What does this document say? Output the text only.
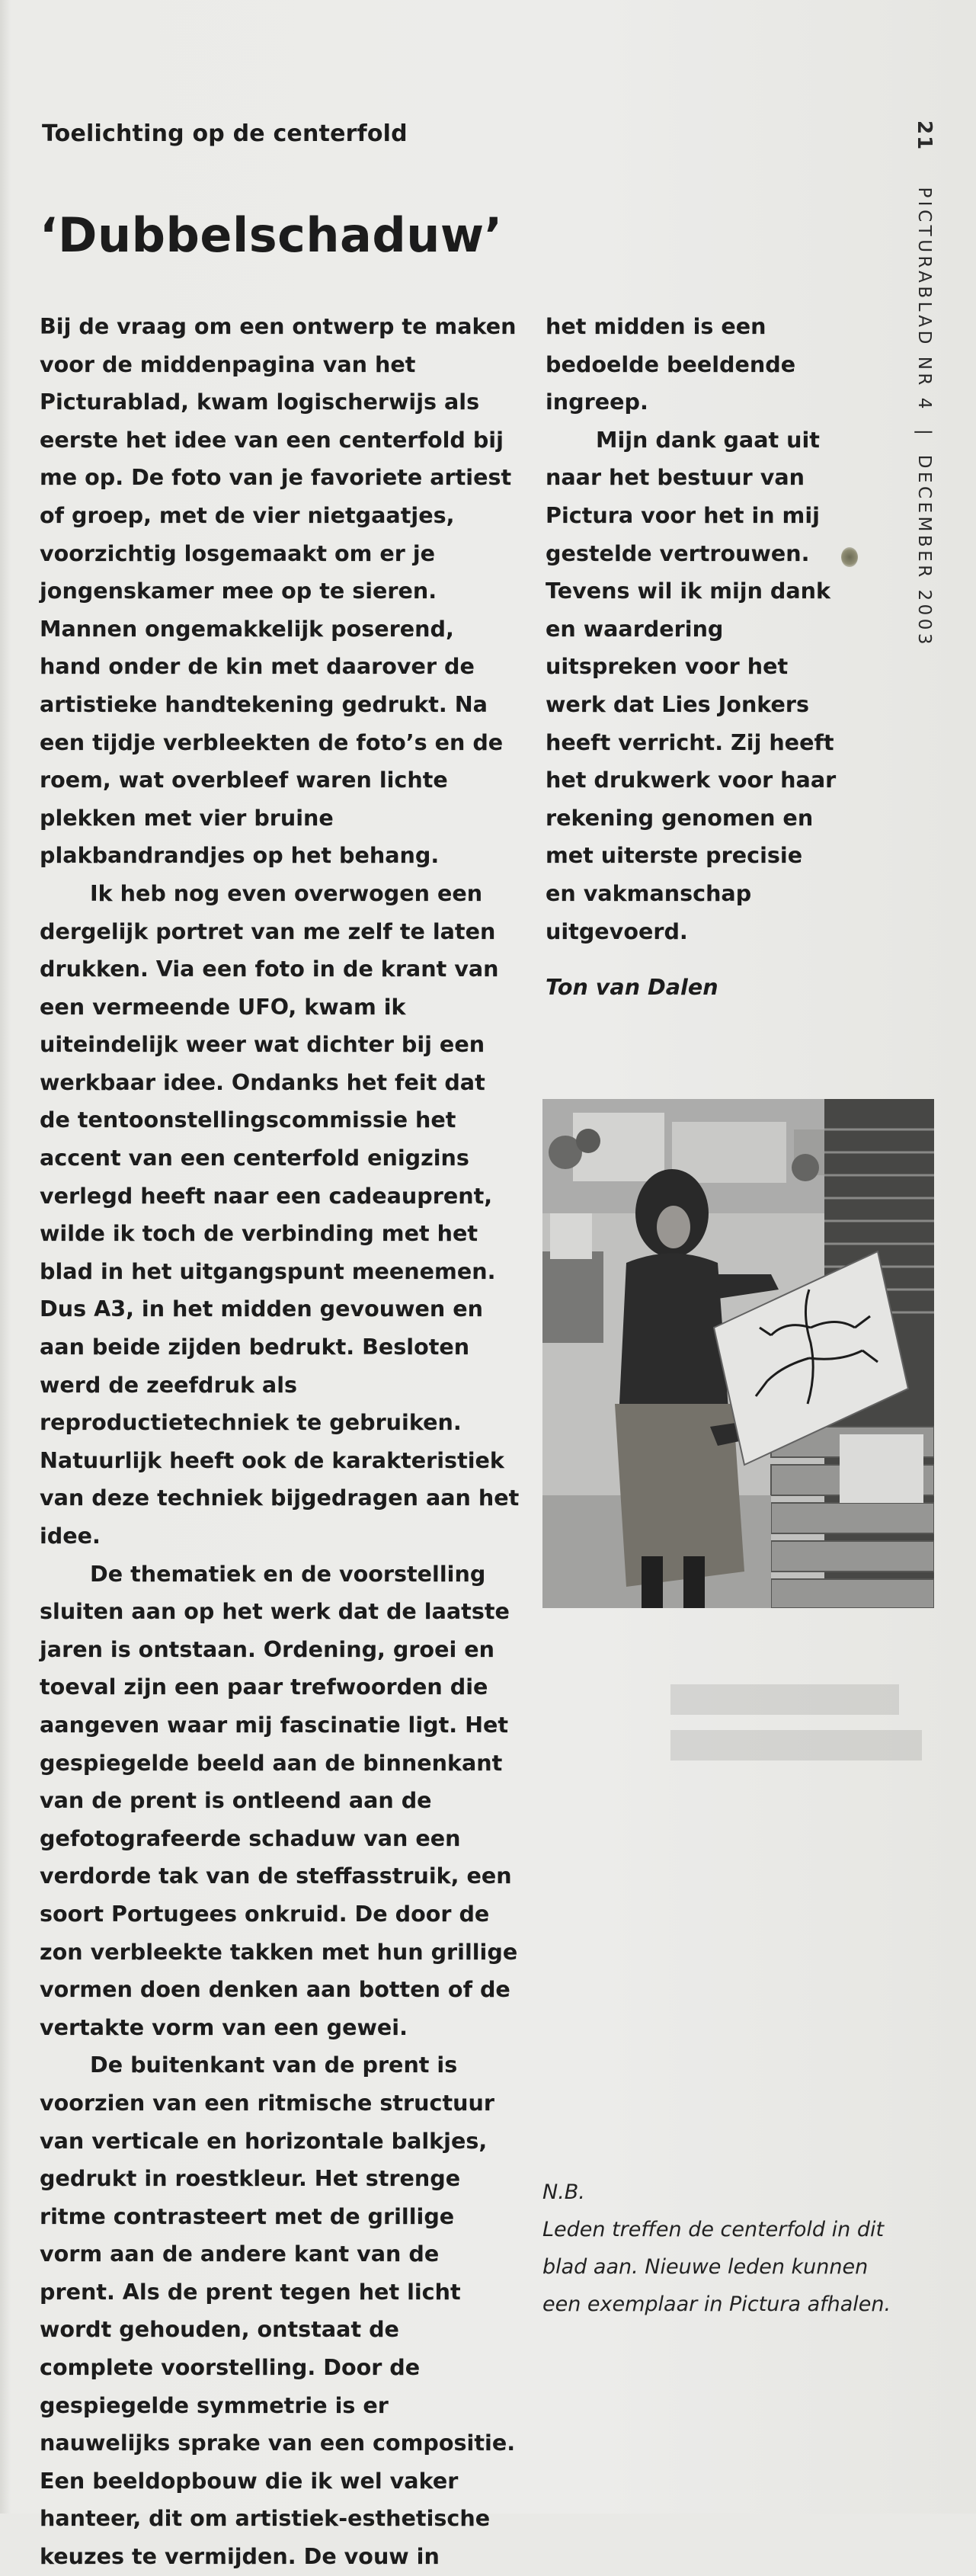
Toelichting op de centerfold
‘Dubbelschaduw’

Bij de vraag om een ontwerp te maken voor de middenpagina van het Picturablad, kwam logischerwijs als eerste het idee van een centerfold bij me op. De foto van je favoriete artiest of groep, met de vier nietgaatjes, voorzichtig losgemaakt om er je jongenskamer mee op te sieren. Mannen ongemakkelijk poserend, hand onder de kin met daarover de artistieke handtekening gedrukt. Na een tijdje verbleekten de foto’s en de roem, wat overbleef waren lichte plekken met vier bruine plakbandrandjes op het behang.

Ik heb nog even overwogen een dergelijk portret van me zelf te laten drukken. Via een foto in de krant van een vermeende UFO, kwam ik uiteindelijk weer wat dichter bij een werkbaar idee. Ondanks het feit dat de tentoonstellingscommissie het accent van een centerfold enigzins verlegd heeft naar een cadeauprent, wilde ik toch de verbinding met het blad in het uitgangspunt meenemen. Dus A3, in het midden gevouwen en aan beide zijden bedrukt. Besloten werd de zeefdruk als reproductietechniek te gebruiken. Natuurlijk heeft ook de karakteristiek van deze techniek bijgedragen aan het idee.

De thematiek en de voorstelling sluiten aan op het werk dat de laatste jaren is ontstaan. Ordening, groei en toeval zijn een paar trefwoorden die aangeven waar mij fascinatie ligt. Het gespiegelde beeld aan de binnenkant van de prent is ontleend aan de gefotografeerde schaduw van een verdorde tak van de steffasstruik, een soort Portugees onkruid. De door de zon verbleekte takken met hun grillige vormen doen denken aan botten of de vertakte vorm van een gewei.

De buitenkant van de prent is voorzien van een ritmische structuur van verticale en horizontale balkjes, gedrukt in roestkleur. Het strenge ritme contrasteert met de grillige vorm aan de andere kant van de prent. Als de prent tegen het licht wordt gehouden, ontstaat de complete voorstelling. Door de gespiegelde symmetrie is er nauwelijks sprake van een compositie. Een beeldopbouw die ik wel vaker hanteer, dit om artistiek-esthetische keuzes te vermijden. De vouw in

het midden is een bedoelde beeldende ingreep.

Mijn dank gaat uit naar het bestuur van Pictura voor het in mij gestelde vertrouwen. Tevens wil ik mijn dank en waardering uitspreken voor het werk dat Lies Jonkers heeft verricht. Zij heeft het drukwerk voor haar rekening genomen en met uiterste precisie en vakmanschap uitgevoerd.

Ton van Dalen

N.B.

Leden treffen de centerfold in dit blad aan. Nieuwe leden kunnen een exemplaar in Pictura afhalen.

21    PICTURABLAD NR 4 | DECEMBER 2003
